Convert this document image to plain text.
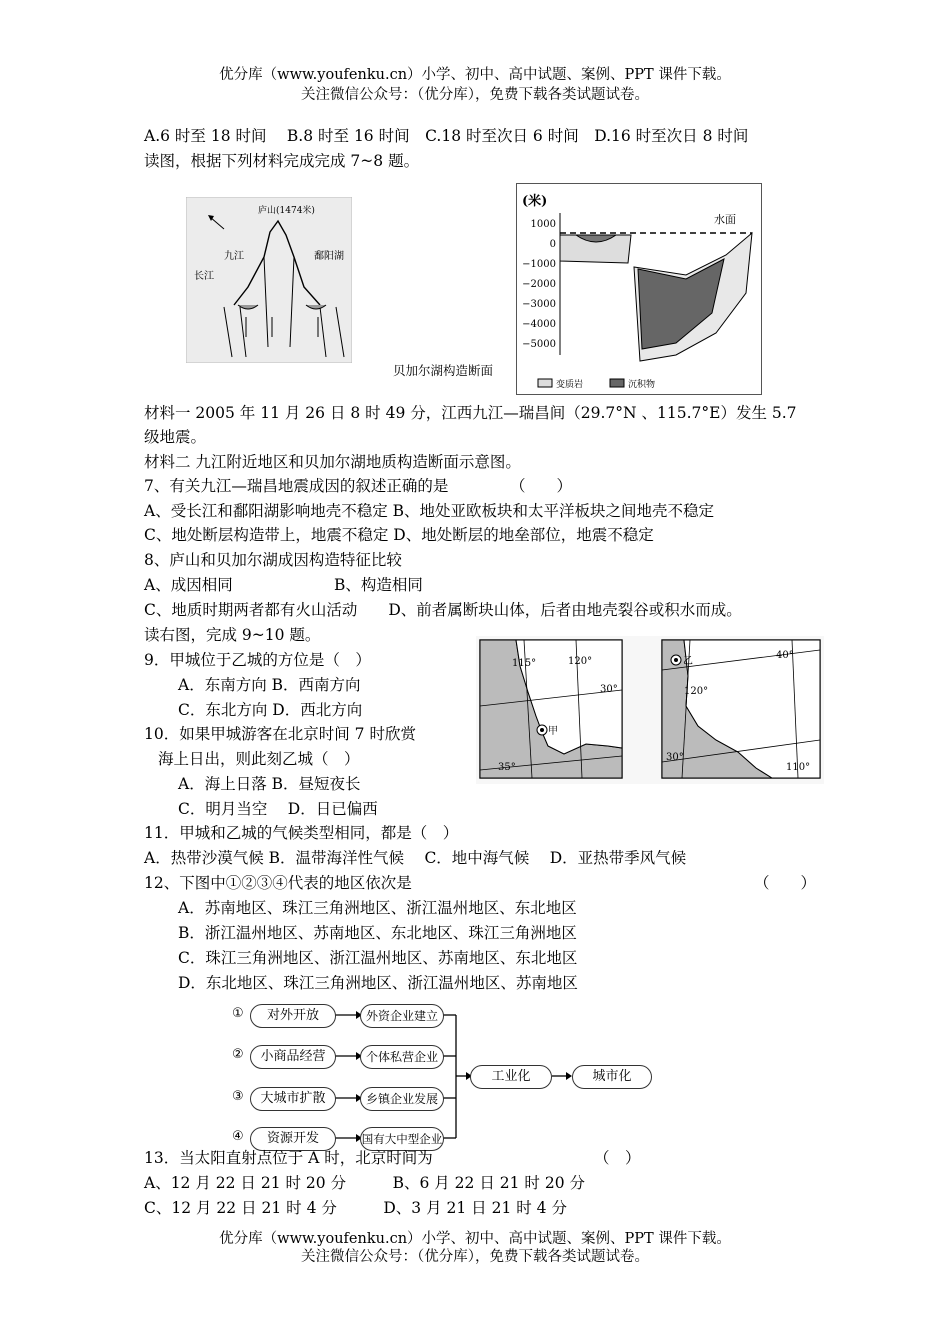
优分库（www.youfenku.cn）小学、初中、高中试题、案例、PPT 课件下载。
关注微信公众号：（优分库），免费下载各类试题试卷。
A.6 时至 18 时间　 B.8 时至 16 时间　C.18 时至次日 6 时间　D.16 时至次日 8 时间
读图，根据下列材料完成完成 7~8 题。
庐山(1474米)
九江	鄱阳湖
长江
(米)
1000
0
−1000
−2000
−3000
−4000
−5000
水面
变质岩	沉积物
贝加尔湖构造断面
材料一 2005 年 11 月 26 日 8 时 49 分，江西九江—瑞昌间（29.7°N 、115.7°E）发生 5.7
级地震。
材料二 九江附近地区和贝加尔湖地质构造断面示意图。
7、有关九江—瑞昌地震成因的叙述正确的是	（　　）
A、受长江和鄱阳湖影响地壳不稳定 B、地处亚欧板块和太平洋板块之间地壳不稳定
C、地处断层构造带上，地震不稳定 D、地处断层的地垒部位，地震不稳定
8、庐山和贝加尔湖成因构造特征比较
A、成因相同	B、构造相同
C、地质时期两者都有火山活动　　D、前者属断块山体，后者由地壳裂谷或积水而成。
读右图，完成 9~10 题。
115°	120°
30°
35°
甲
40°
120°
30°
110°
乙
9．甲城位于乙城的方位是（　）
A．东南方向 B．西南方向
C．东北方向 D．西北方向
10．如果甲城游客在北京时间 7 时欣赏
海上日出，则此刻乙城（　）
A．海上日落 B．昼短夜长
C．明月当空　 D．日已偏西
11．甲城和乙城的气候类型相同，都是（　）
A．热带沙漠气候 B．温带海洋性气候　 C．地中海气候　 D．亚热带季风气候
12、下图中①②③④代表的地区依次是	（　　）
A．苏南地区、珠江三角洲地区、浙江温州地区、东北地区
B．浙江温州地区、苏南地区、东北地区、珠江三角洲地区
C．珠江三角洲地区、浙江温州地区、苏南地区、东北地区
D．东北地区、珠江三角洲地区、浙江温州地区、苏南地区
①
②
③
④
对外开放
小商品经营
大城市扩散
资源开发
外资企业建立
个体私营企业
乡镇企业发展
国有大中型企业
工业化	城市化
13．当太阳直射点位于 A 时，北京时间为	（　）
A、12 月 22 日 21 时 20 分　　　B、6 月 22 日 21 时 20 分
C、12 月 22 日 21 时 4 分　　　D、3 月 21 日 21 时 4 分
优分库（www.youfenku.cn）小学、初中、高中试题、案例、PPT 课件下载。
关注微信公众号：（优分库），免费下载各类试题试卷。
